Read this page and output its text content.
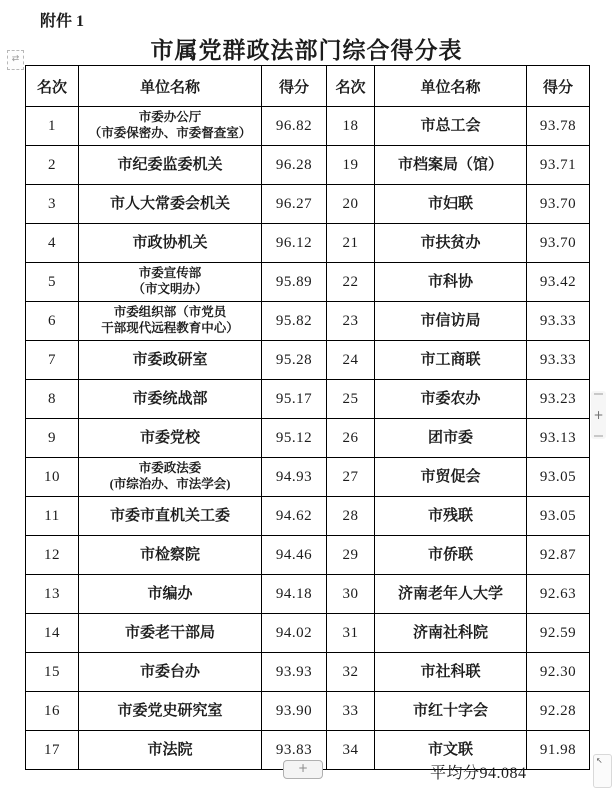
附件 1
市属党群政法部门综合得分表
⇄
名次	单位名称	得分	名次	单位名称	得分

1	市委办公厅
（市委保密办、市委督查室）	96.82	18	市总工会	93.78

2	市纪委监委机关	96.28	19	市档案局（馆）	93.71

3	市人大常委会机关	96.27	20	市妇联	93.70

4	市政协机关	96.12	21	市扶贫办	93.70

5	市委宣传部
（市文明办）	95.89	22	市科协	93.42

6	市委组织部（市党员
干部现代远程教育中心）	95.82	23	市信访局	93.33

7	市委政研室	95.28	24	市工商联	93.33

8	市委统战部	95.17	25	市委农办	93.23

9	市委党校	95.12	26	团市委	93.13

10	市委政法委
(市综治办、市法学会)	94.93	27	市贸促会	93.05

11	市委市直机关工委	94.62	28	市残联	93.05

12	市检察院	94.46	29	市侨联	92.87

13	市编办	94.18	30	济南老年人大学	92.63

14	市委老干部局	94.02	31	济南社科院	92.59

15	市委台办	93.93	32	市社科联	92.30

16	市委党史研究室	93.90	33	市红十字会	92.28

17	市法院	93.83	34	市文联	91.98
+	平均分94.084
+
↖
